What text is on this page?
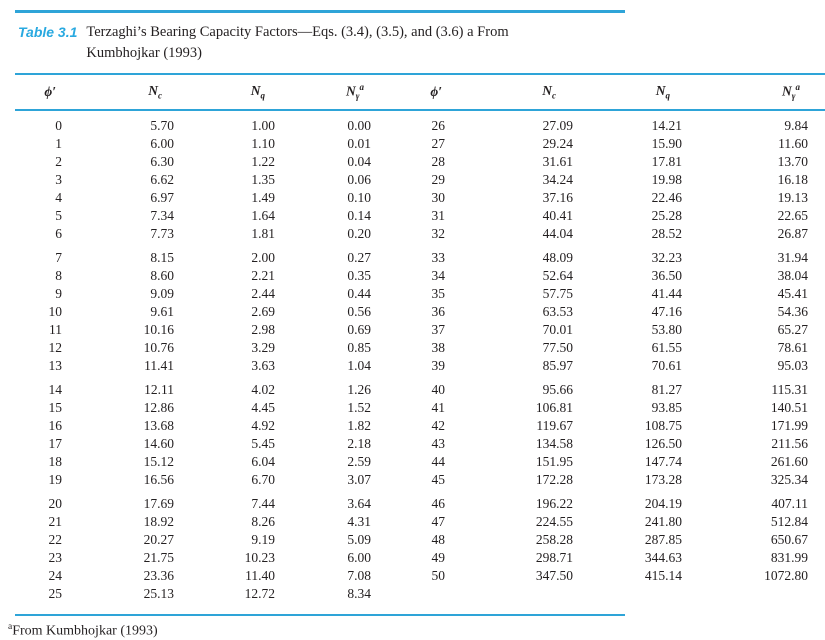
Table 3.1 Terzaghi’s Bearing Capacity Factors—Eqs. (3.4), (3.5), and (3.6) a From
Kumbhojkar (1993)
ϕ′	$N_c$	$N_q$	$N_\gamma^a$	ϕ′	$N_c$	$N_q$	$N_\gamma^a$
0	5.70	1.00	0.00	26	27.09	14.21	9.84
1	6.00	1.10	0.01	27	29.24	15.90	11.60
2	6.30	1.22	0.04	28	31.61	17.81	13.70
3	6.62	1.35	0.06	29	34.24	19.98	16.18
4	6.97	1.49	0.10	30	37.16	22.46	19.13
5	7.34	1.64	0.14	31	40.41	25.28	22.65
6	7.73	1.81	0.20	32	44.04	28.52	26.87
7	8.15	2.00	0.27	33	48.09	32.23	31.94
8	8.60	2.21	0.35	34	52.64	36.50	38.04
9	9.09	2.44	0.44	35	57.75	41.44	45.41
10	9.61	2.69	0.56	36	63.53	47.16	54.36
11	10.16	2.98	0.69	37	70.01	53.80	65.27
12	10.76	3.29	0.85	38	77.50	61.55	78.61
13	11.41	3.63	1.04	39	85.97	70.61	95.03
14	12.11	4.02	1.26	40	95.66	81.27	115.31
15	12.86	4.45	1.52	41	106.81	93.85	140.51
16	13.68	4.92	1.82	42	119.67	108.75	171.99
17	14.60	5.45	2.18	43	134.58	126.50	211.56
18	15.12	6.04	2.59	44	151.95	147.74	261.60
19	16.56	6.70	3.07	45	172.28	173.28	325.34
20	17.69	7.44	3.64	46	196.22	204.19	407.11
21	18.92	8.26	4.31	47	224.55	241.80	512.84
22	20.27	9.19	5.09	48	258.28	287.85	650.67
23	21.75	10.23	6.00	49	298.71	344.63	831.99
24	23.36	11.40	7.08	50	347.50	415.14	1072.80
25	25.13	12.72	8.34				
$^a$From Kumbhojkar (1993)
